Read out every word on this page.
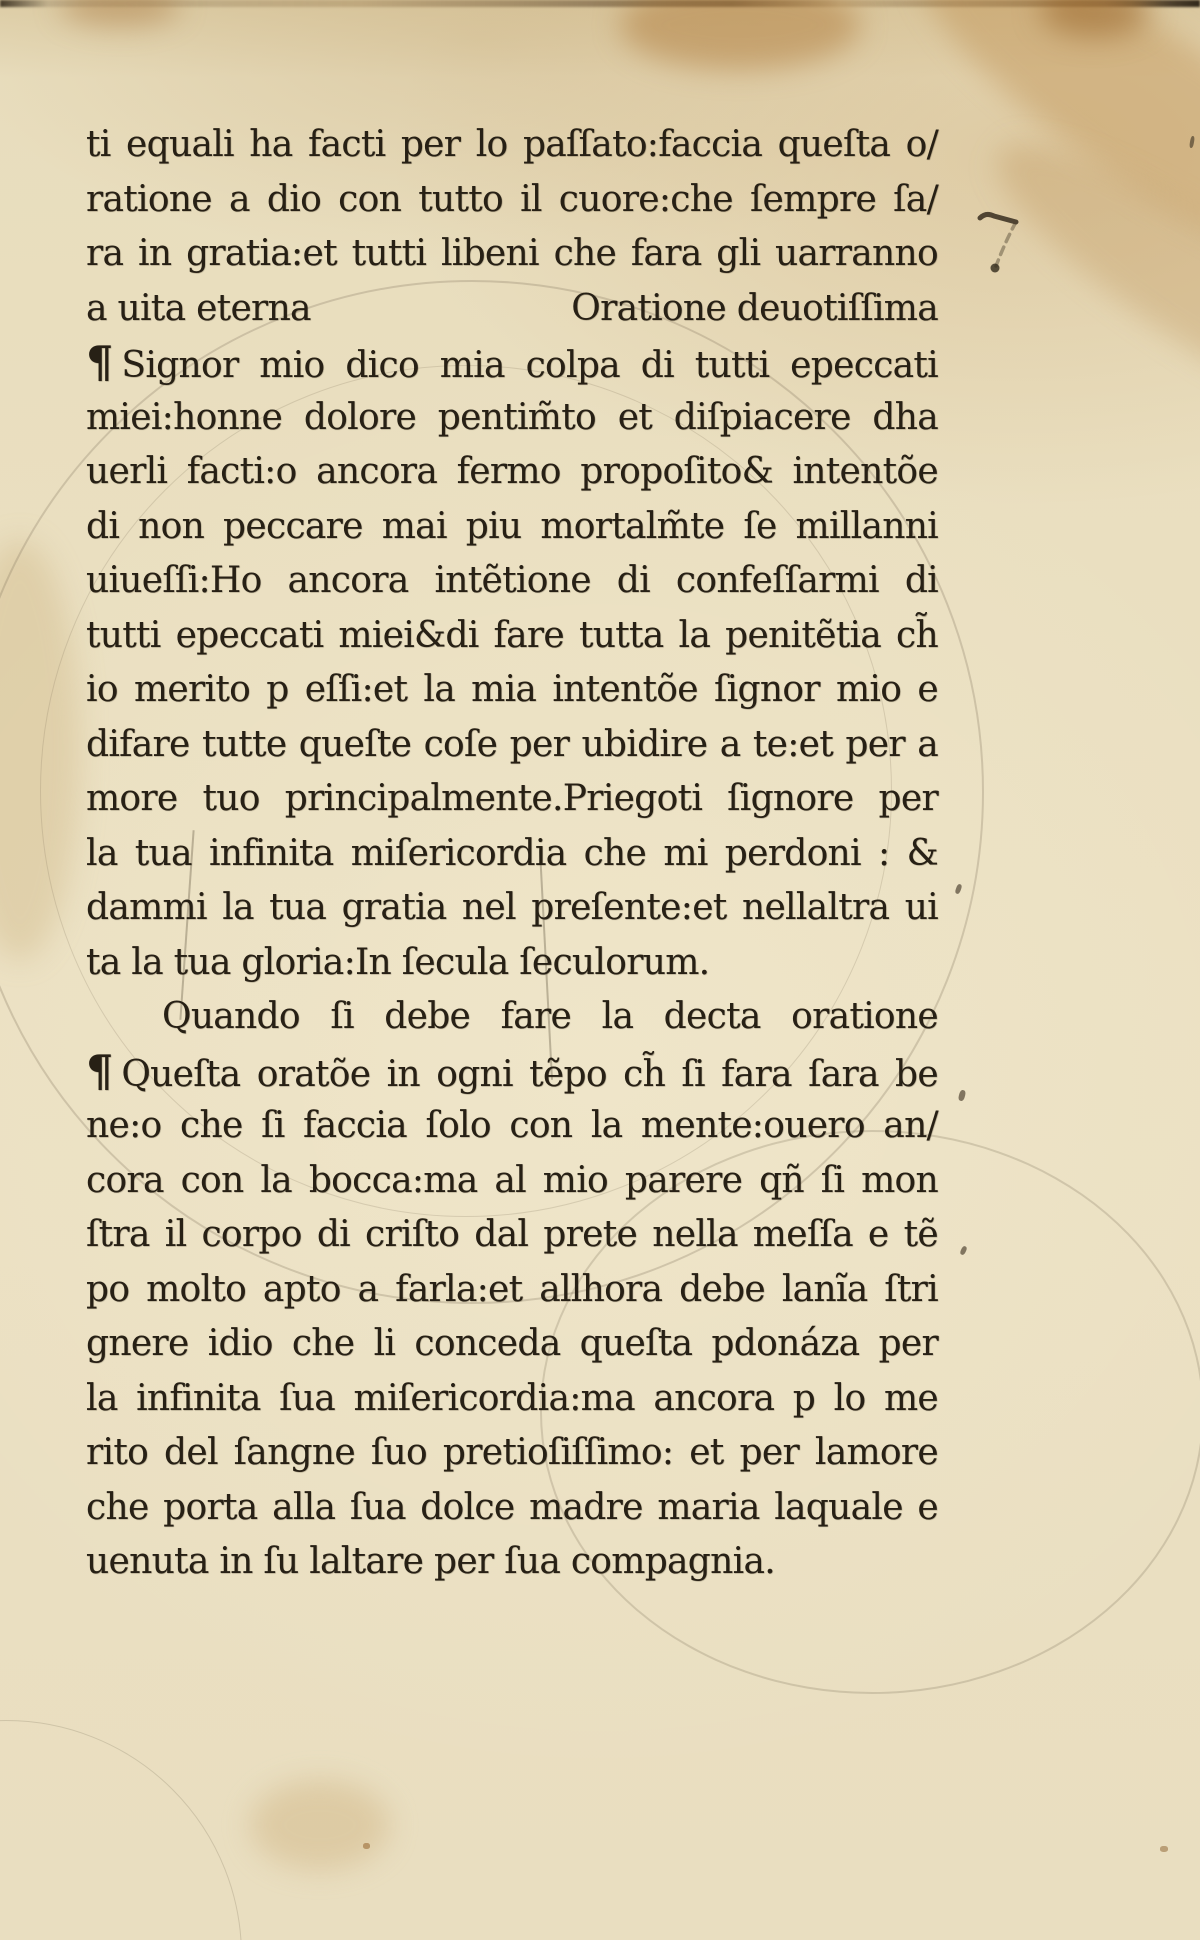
ti equali ha facti per lo paſſato:faccia queſta o/
ratione a dio con tutto il cuore:che ſempre ſa/
ra in gratia:et tutti libeni che fara gli uarranno
a uita eterna	Oratione deuotiſſima
¶ Signor mio dico mia colpa di tutti epeccati
miei:honne dolore pentim̃to et diſpiacere dha
uerli facti:o ancora fermo propoſito& intentõe
di non peccare mai piu mortalm̃te ſe millanni
uiueſſi:Ho ancora intẽtione di confeſſarmi di
tutti epeccati miei&di fare tutta la penitẽtia ch̃
io merito p eſſi:et la mia intentõe ſignor mio e
difare tutte queſte coſe per ubidire a te:et per a
more tuo principalmente.Priegoti ſignore per
la tua infinita miſericordia che mi perdoni : &
dammi la tua gratia nel preſente:et nellaltra ui
ta la tua gloria:In ſecula ſeculorum.
Quando ſi debe fare la decta oratione
¶ Queſta oratõe in ogni tẽpo ch̃ ſi fara ſara be
ne:o che ſi faccia ſolo con la mente:ouero an/
cora con la bocca:ma al mio parere qñ ſi mon
ſtra il corpo di criſto dal prete nella meſſa e tẽ
po molto apto a farla:et allhora debe lanĩa ſtri
gnere idio che li conceda queſta pdonáza per
la infinita ſua miſericordia:ma ancora p lo me
rito del ſangne ſuo pretioſiſſimo: et per lamore
che porta alla ſua dolce madre maria laquale e
uenuta in ſu laltare per ſua compagnia.
